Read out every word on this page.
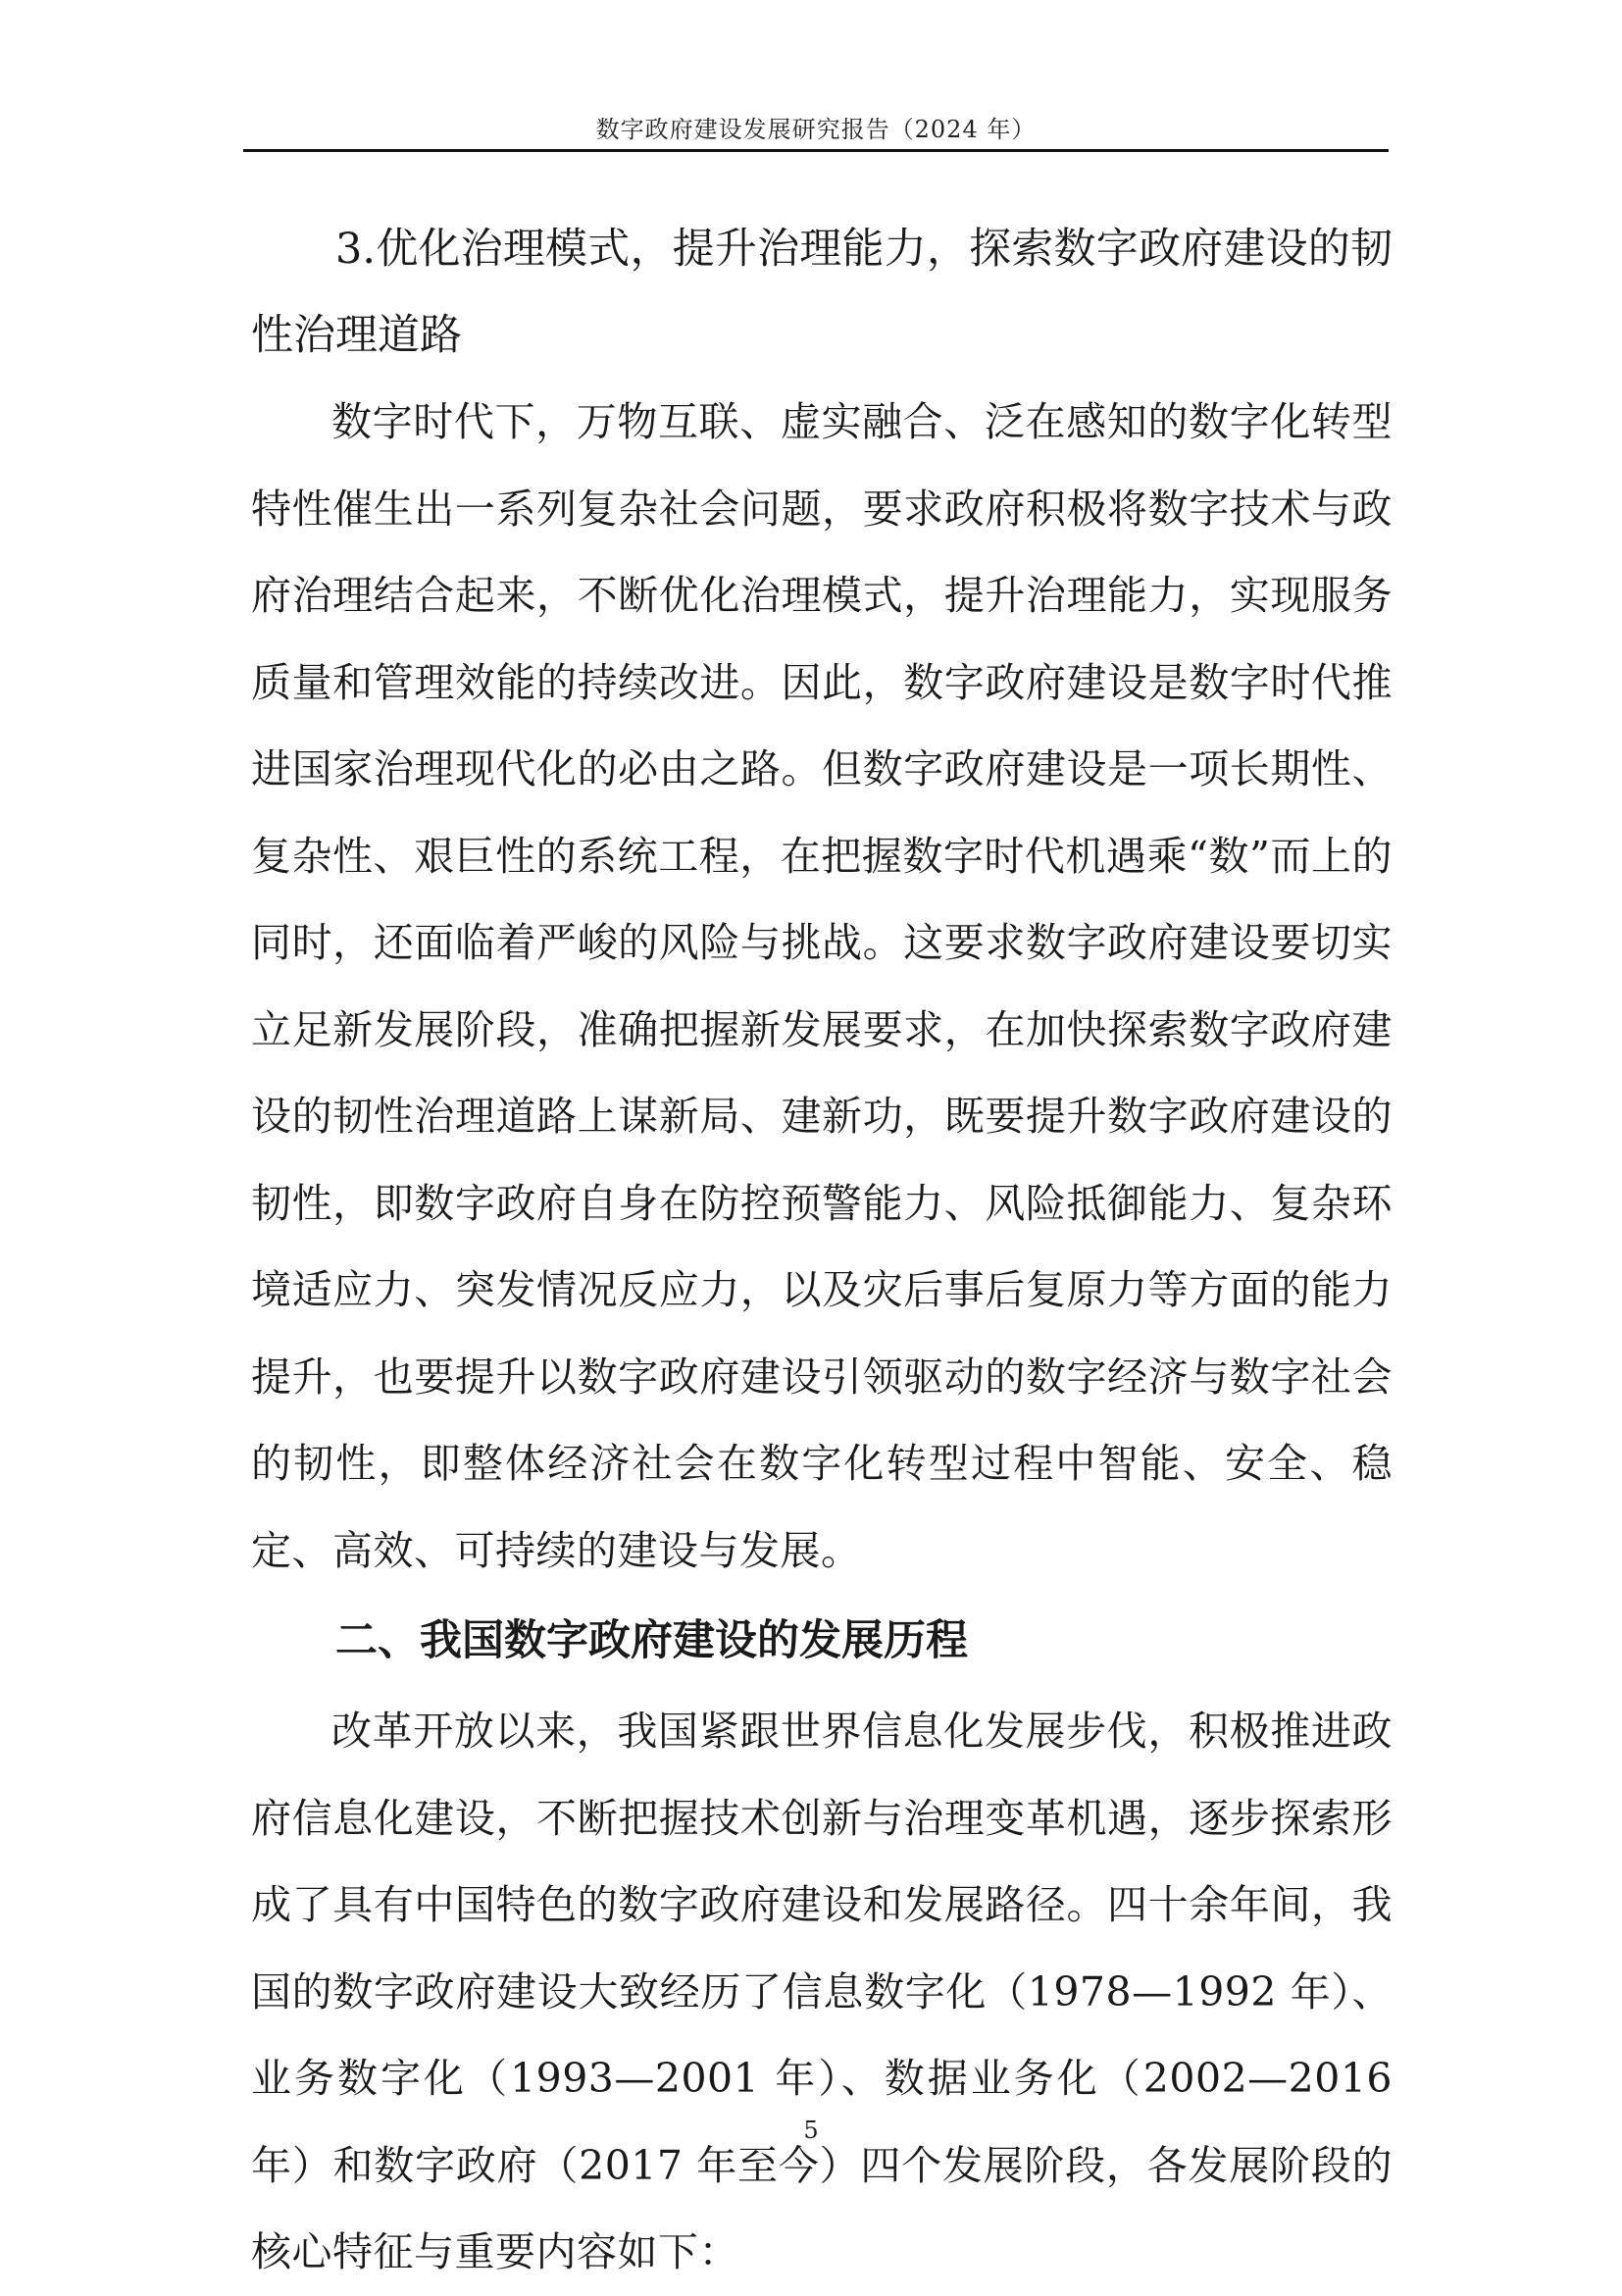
数字政府建设发展研究报告（2024 年）

3.优化治理模式，提升治理能力，探索数字政府建设的韧性治理道路

数字时代下，万物互联、虚实融合、泛在感知的数字化转型特性催生出一系列复杂社会问题，要求政府积极将数字技术与政府治理结合起来，不断优化治理模式，提升治理能力，实现服务质量和管理效能的持续改进。因此，数字政府建设是数字时代推进国家治理现代化的必由之路。但数字政府建设是一项长期性、复杂性、艰巨性的系统工程，在把握数字时代机遇乘“数”而上的同时，还面临着严峻的风险与挑战。这要求数字政府建设要切实立足新发展阶段，准确把握新发展要求，在加快探索数字政府建设的韧性治理道路上谋新局、建新功，既要提升数字政府建设的韧性，即数字政府自身在防控预警能力、风险抵御能力、复杂环境适应力、突发情况反应力，以及灾后事后复原力等方面的能力提升，也要提升以数字政府建设引领驱动的数字经济与数字社会的韧性，即整体经济社会在数字化转型过程中智能、安全、稳定、高效、可持续的建设与发展。

二、我国数字政府建设的发展历程

改革开放以来，我国紧跟世界信息化发展步伐，积极推进政府信息化建设，不断把握技术创新与治理变革机遇，逐步探索形成了具有中国特色的数字政府建设和发展路径。四十余年间，我国的数字政府建设大致经历了信息数字化（1978—1992 年）、业务数字化（1993—2001 年）、数据业务化（2002—2016 年）和数字政府（2017 年至今）四个发展阶段，各发展阶段的核心特征与重要内容如下：

5
